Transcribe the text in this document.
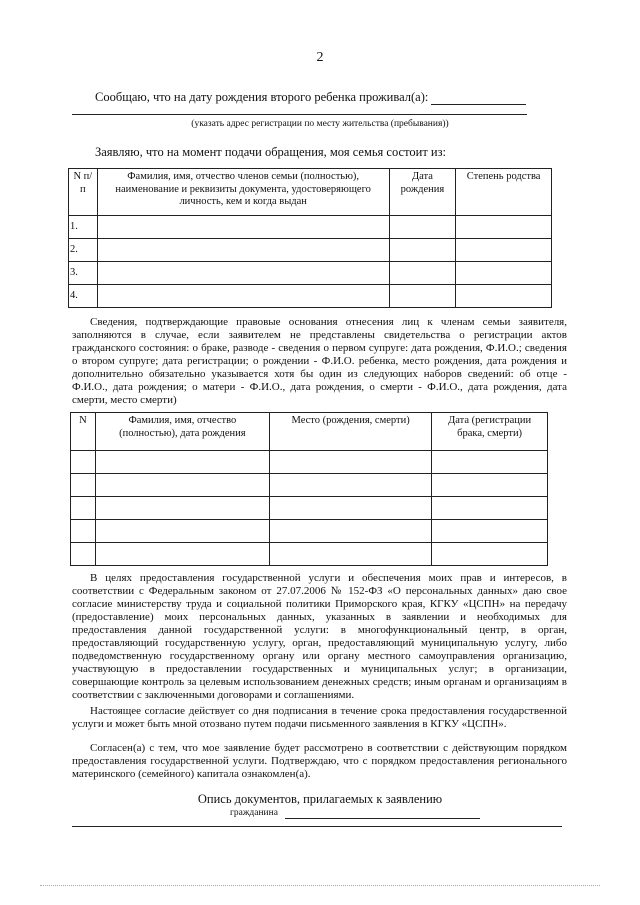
2
Сообщаю, что на дату рождения второго ребенка проживал(а):
(указать адрес регистрации по месту жительства (пребывания))
Заявляю, что на момент подачи обращения, моя семья состоит из:
N п/п	Фамилия, имя, отчество членов семьи (полностью), наименование и реквизиты документа, удостоверяющего личность, кем и когда выдан	Дата рождения	Степень родства
1.			
2.			
3.			
4.			
Сведения, подтверждающие правовые основания отнесения лиц к членам семьи заявителя, заполняются в случае, если заявителем не представлены свидетельства о регистрации актов гражданского состояния: о браке, разводе - сведения о первом супруге: дата рождения, Ф.И.О.; сведения о втором супруге; дата регистрации; о рождении - Ф.И.О. ребенка, место рождения, дата рождения и дополнительно обязательно указывается хотя бы один из следующих наборов сведений: об отце - Ф.И.О., дата рождения; о матери - Ф.И.О., дата рождения, о смерти - Ф.И.О., дата рождения, дата смерти, место смерти)
N	Фамилия, имя, отчество (полностью), дата рождения	Место (рождения, смерти)	Дата (регистрации брака, смерти)

В целях предоставления государственной услуги и обеспечения моих прав и интересов, в соответствии с Федеральным законом от 27.07.2006 № 152-ФЗ «О персональных данных» даю свое согласие министерству труда и социальной политики Приморского края, КГКУ «ЦСПН» на передачу (предоставление) моих персональных данных, указанных в заявлении и необходимых для предоставления данной государственной услуги: в многофункциональный центр, в орган, предоставляющий государственную услугу, орган, предоставляющий муниципальную услугу, либо подведомственную государственному органу или органу местного самоуправления организацию, участвующую в предоставлении государственных и муниципальных услуг; в организации, совершающие контроль за целевым использованием денежных средств; иным органам и организациям в соответствии с заключенными договорами и соглашениями.
Настоящее согласие действует со дня подписания в течение срока предоставления государственной услуги и может быть мной отозвано путем подачи письменного заявления в КГКУ «ЦСПН».
Согласен(а) с тем, что мое заявление будет рассмотрено в соответствии с действующим порядком предоставления государственной услуги. Подтверждаю, что с порядком предоставления регионального материнского (семейного) капитала ознакомлен(а).
Опись документов, прилагаемых к заявлению
гражданина
